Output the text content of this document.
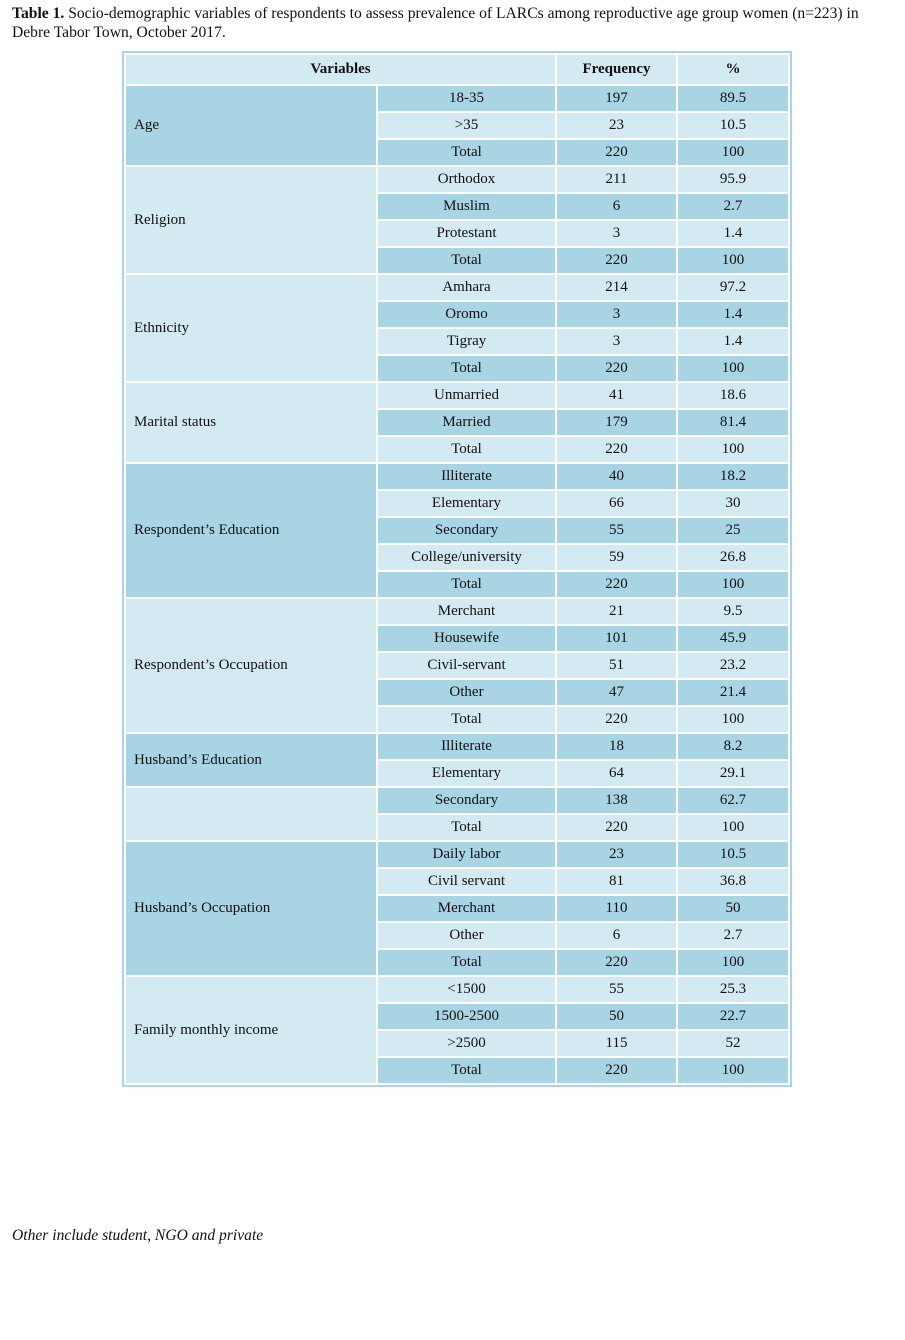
Table 1. Socio-demographic variables of respondents to assess prevalence of LARCs among reproductive age group women (n=223) in Debre Tabor Town, October 2017.
Variables		Frequency	%
Age	18-35	197	89.5
	>35	23	10.5
	Total	220	100
Religion	Orthodox	211	95.9
	Muslim	6	2.7
	Protestant	3	1.4
	Total	220	100
Ethnicity	Amhara	214	97.2
	Oromo	3	1.4
	Tigray	3	1.4
	Total	220	100
Marital status	Unmarried	41	18.6
	Married	179	81.4
	Total	220	100
Respondent’s Education	Illiterate	40	18.2
	Elementary	66	30
	Secondary	55	25
	College/university	59	26.8
	Total	220	100
Respondent’s Occupation	Merchant	21	9.5
	Housewife	101	45.9
	Civil-servant	51	23.2
	Other	47	21.4
	Total	220	100
Husband’s Education	Illiterate	18	8.2
	Elementary	64	29.1
	Secondary	138	62.7
	Total	220	100
Husband’s Occupation	Daily labor	23	10.5
	Civil servant	81	36.8
	Merchant	110	50
	Other	6	2.7
	Total	220	100
Family monthly income	<1500	55	25.3
	1500-2500	50	22.7
	>2500	115	52
	Total	220	100
Other include student, NGO and private
